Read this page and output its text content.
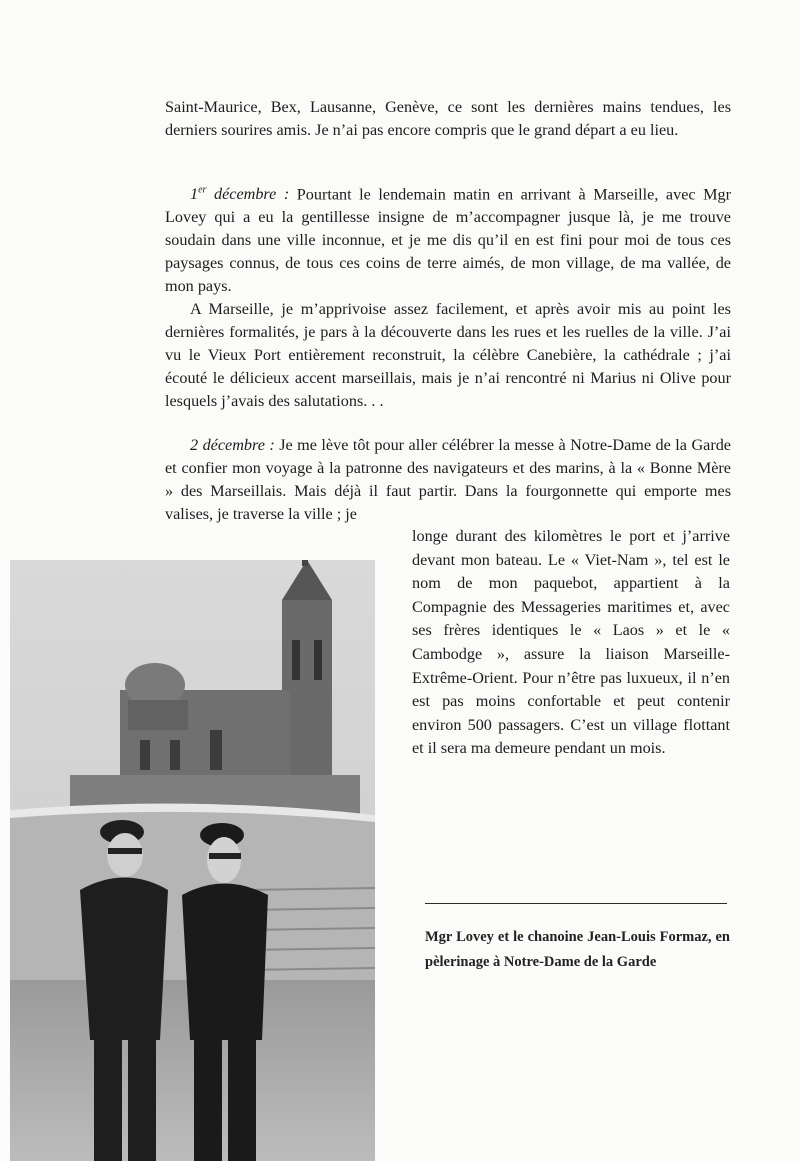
Saint-Maurice, Bex, Lausanne, Genève, ce sont les dernières mains tendues, les derniers sourires amis. Je n’ai pas encore compris que le grand départ a eu lieu.

1er décembre : Pourtant le lendemain matin en arrivant à Marseille, avec Mgr Lovey qui a eu la gentillesse insigne de m’accompagner jusque là, je me trouve soudain dans une ville inconnue, et je me dis qu’il en est fini pour moi de tous ces paysages connus, de tous ces coins de terre aimés, de mon village, de ma vallée, de mon pays.

A Marseille, je m’apprivoise assez facilement, et après avoir mis au point les dernières formalités, je pars à la découverte dans les rues et les ruelles de la ville. J’ai vu le Vieux Port entièrement reconstruit, la célèbre Canebière, la cathédrale ; j’ai écouté le délicieux accent marseillais, mais je n’ai rencontré ni Marius ni Olive pour lesquels j’avais des salutations. . .

2 décembre : Je me lève tôt pour aller célébrer la messe à Notre-Dame de la Garde et confier mon voyage à la patronne des navigateurs et des marins, à la « Bonne Mère » des Marseillais. Mais déjà il faut partir. Dans la fourgonnette qui emporte mes valises, je traverse la ville ; je

longe durant des kilomètres le port et j’arrive devant mon bateau. Le « Viet-Nam », tel est le nom de mon paquebot, appartient à la Compagnie des Messageries maritimes et, avec ses frères identiques le « Laos » et le « Cambodge », assure la liaison Marseille-Extrême-Orient. Pour n’être pas luxueux, il n’en est pas moins confortable et peut contenir environ 500 passagers. C’est un village flottant et il sera ma demeure pendant un mois.

Mgr Lovey et le chanoine Jean-Louis Formaz, en pèlerinage à Notre-Dame de la Garde
